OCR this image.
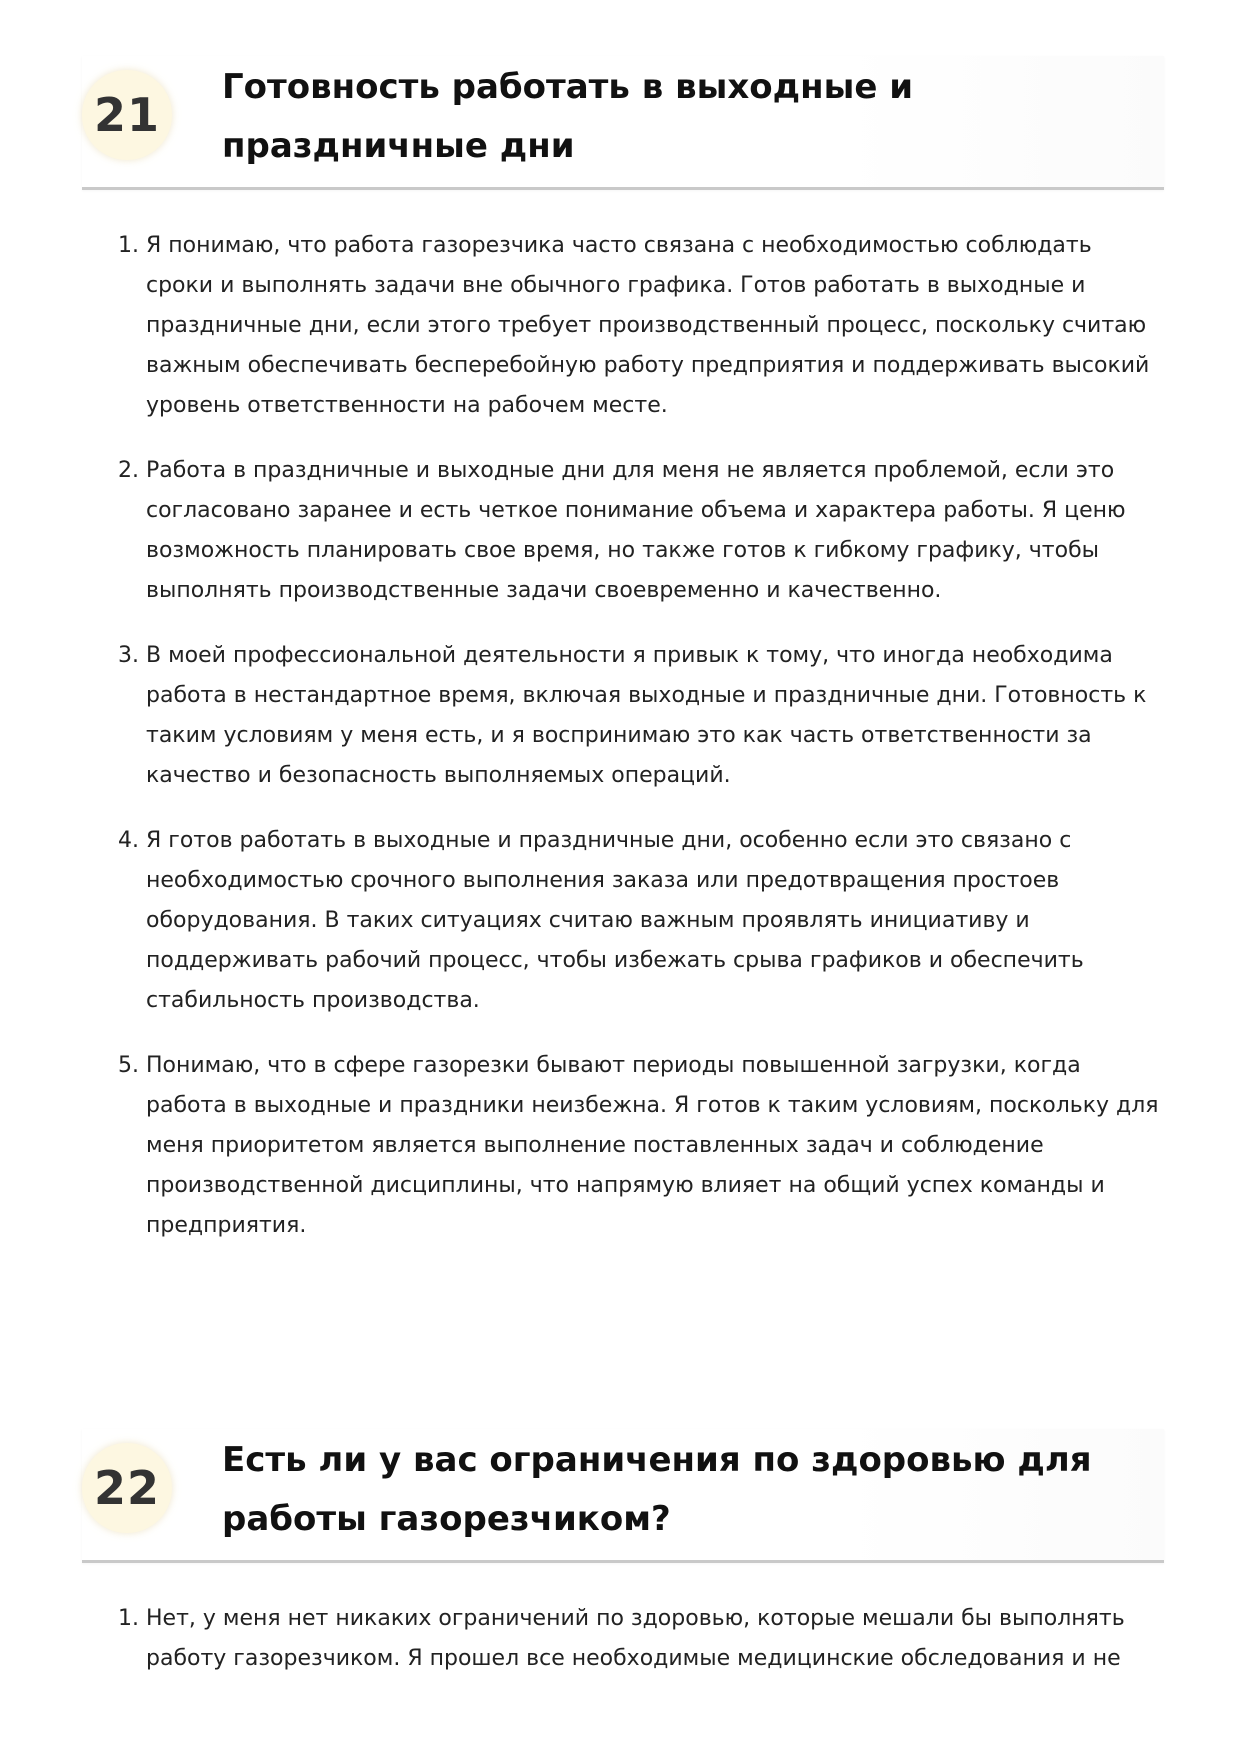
21
Готовность работать в выходные и праздничные дни
1. Я понимаю, что работа газорезчика часто связана с необходимостью соблюдать сроки и выполнять задачи вне обычного графика. Готов работать в выходные и праздничные дни, если этого требует производственный процесс, поскольку считаю важным обеспечивать бесперебойную работу предприятия и поддерживать высокий уровень ответственности на рабочем месте.
2. Работа в праздничные и выходные дни для меня не является проблемой, если это согласовано заранее и есть четкое понимание объема и характера работы. Я ценю возможность планировать свое время, но также готов к гибкому графику, чтобы выполнять производственные задачи своевременно и качественно.
3. В моей профессиональной деятельности я привык к тому, что иногда необходима работа в нестандартное время, включая выходные и праздничные дни. Готовность к таким условиям у меня есть, и я воспринимаю это как часть ответственности за качество и безопасность выполняемых операций.
4. Я готов работать в выходные и праздничные дни, особенно если это связано с необходимостью срочного выполнения заказа или предотвращения простоев оборудования. В таких ситуациях считаю важным проявлять инициативу и поддерживать рабочий процесс, чтобы избежать срыва графиков и обеспечить стабильность производства.
5. Понимаю, что в сфере газорезки бывают периоды повышенной загрузки, когда работа в выходные и праздники неизбежна. Я готов к таким условиям, поскольку для меня приоритетом является выполнение поставленных задач и соблюдение производственной дисциплины, что напрямую влияет на общий успех команды и предприятия.
22
Есть ли у вас ограничения по здоровью для работы газорезчиком?
1. Нет, у меня нет никаких ограничений по здоровью, которые мешали бы выполнять работу газорезчиком. Я прошел все необходимые медицинские обследования и не
